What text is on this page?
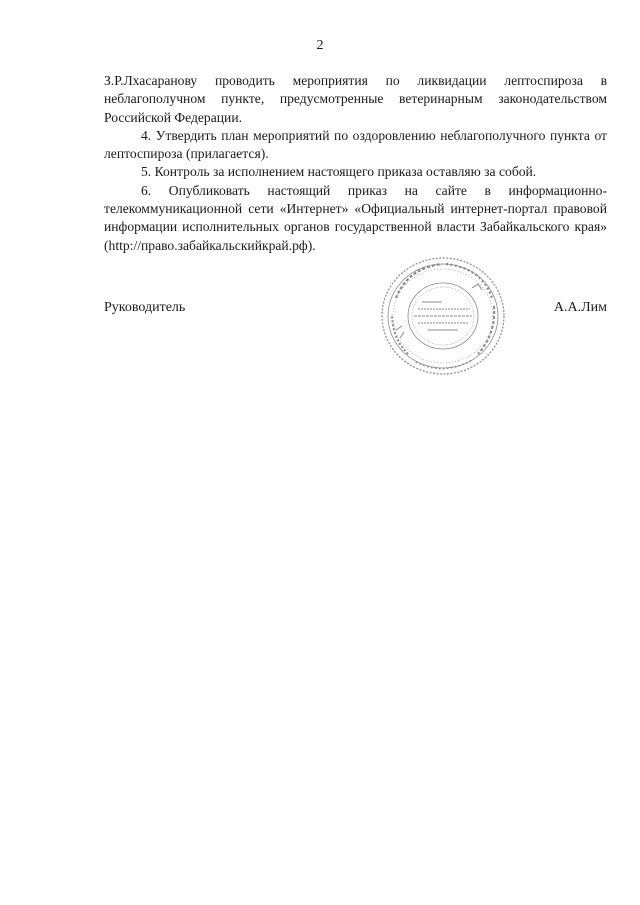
2

З.Р.Лхасаранову проводить мероприятия по ликвидации лептоспироза в неблагополучном пункте, предусмотренные ветеринарным законодательством Российской Федерации.

4. Утвердить план мероприятий по оздоровлению неблагополучного пункта от лептоспироза (прилагается).

5. Контроль за исполнением настоящего приказа оставляю за собой.

6. Опубликовать настоящий приказ на сайте в информационно-телекоммуникационной сети «Интернет» «Официальный интернет-портал правовой информации исполнительных органов государственной власти Забайкальского края» (http://право.забайкальскийкрай.рф).

Руководитель	А.А.Лим
